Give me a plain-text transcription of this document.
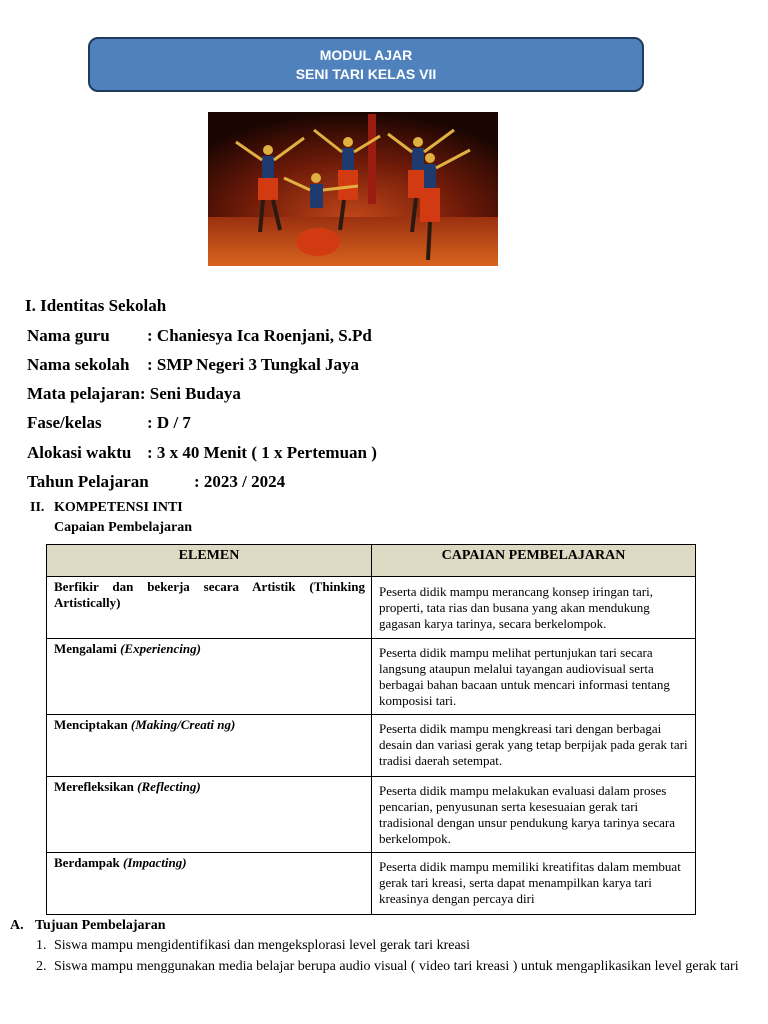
MODUL AJAR
SENI TARI KELAS VII
I. Identitas Sekolah
Nama guru : Chaniesya Ica Roenjani, S.Pd
Nama sekolah : SMP Negeri 3 Tungkal Jaya
Mata pelajaran: Seni Budaya
Fase/kelas	: D / 7
Alokasi waktu : 3 x 40 Menit ( 1 x Pertemuan )
Tahun Pelajaran	: 2023 / 2024
II. KOMPETENSI INTI
Capaian Pembelajaran
ELEMEN	CAPAIAN PEMBELAJARAN
Berfikir dan bekerja secara Artistik (Thinking Artistically)	Peserta didik mampu merancang konsep iringan tari, properti, tata rias dan busana yang akan mendukung gagasan karya tarinya, secara berkelompok.

Mengalami (Experiencing)	Peserta didik mampu melihat pertunjukan tari secara langsung ataupun melalui tayangan audiovisual serta berbagai bahan bacaan untuk mencari informasi tentang komposisi tari.

Menciptakan (Making/Creati ng)	Peserta didik mampu mengkreasi tari dengan berbagai desain dan variasi gerak yang tetap berpijak pada gerak tari tradisi daerah setempat.

Merefleksikan (Reflecting)	Peserta didik mampu melakukan evaluasi dalam proses pencarian, penyusunan serta kesesuaian gerak tari tradisional dengan unsur pendukung karya tarinya secara berkelompok.

Berdampak (Impacting)	Peserta didik mampu memiliki kreatifitas dalam membuat gerak tari kreasi, serta dapat menampilkan karya tari kreasinya dengan percaya diri
A. Tujuan Pembelajaran
1. Siswa mampu mengidentifikasi dan mengeksplorasi level gerak tari kreasi
2. Siswa mampu menggunakan media belajar berupa audio visual ( video tari kreasi ) untuk mengaplikasikan level gerak tari
